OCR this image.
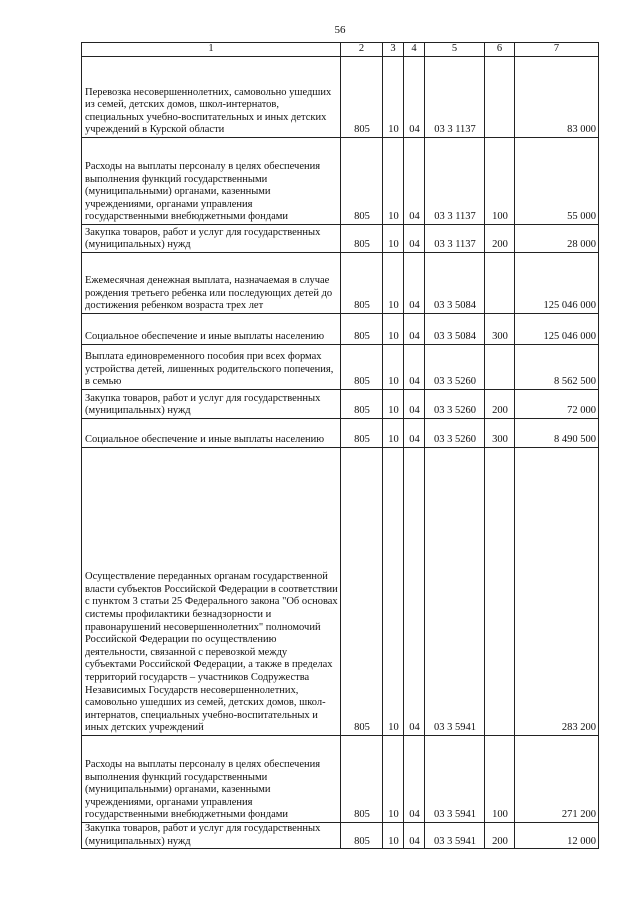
56
1	2	3	4	5	6	7
Перевозка несовершеннолетних, самовольно ушедших из семей, детских домов, школ-интернатов, специальных учебно-воспитательных и иных детских учреждений в Курской области	805	10	04	03 3 1137		83 000
Расходы на выплаты персоналу в целях обеспечения выполнения функций государственными (муниципальными) органами, казенными учреждениями, органами управления государственными внебюджетными фондами	805	10	04	03 3 1137	100	55 000
Закупка товаров, работ и услуг для государственных (муниципальных) нужд	805	10	04	03 3 1137	200	28 000
Ежемесячная денежная выплата, назначаемая в случае рождения третьего ребенка или последующих детей до достижения ребенком возраста трех лет	805	10	04	03 3 5084		125 046 000
Социальное обеспечение и иные выплаты населению	805	10	04	03 3 5084	300	125 046 000
Выплата единовременного пособия при всех формах устройства детей, лишенных родительского попечения, в семью	805	10	04	03 3 5260		8 562 500
Закупка товаров, работ и услуг для государственных (муниципальных) нужд	805	10	04	03 3 5260	200	72 000
Социальное обеспечение и иные выплаты населению	805	10	04	03 3 5260	300	8 490 500
Осуществление переданных органам государственной власти субъектов Российской Федерации в соответствии с пунктом 3 статьи 25 Федерального закона "Об основах системы профилактики безнадзорности и правонарушений несовершеннолетних" полномочий Российской Федерации по осуществлению деятельности, связанной с перевозкой между субъектами Российской Федерации, а также в пределах территорий государств – участников Содружества Независимых Государств несовершеннолетних, самовольно ушедших из семей, детских домов, школ-интернатов, специальных учебно-воспитательных и иных детских учреждений	805	10	04	03 3 5941		283 200
Расходы на выплаты персоналу в целях обеспечения выполнения функций государственными (муниципальными) органами, казенными учреждениями, органами управления государственными внебюджетными фондами	805	10	04	03 3 5941	100	271 200
Закупка товаров, работ и услуг для государственных (муниципальных) нужд	805	10	04	03 3 5941	200	12 000
